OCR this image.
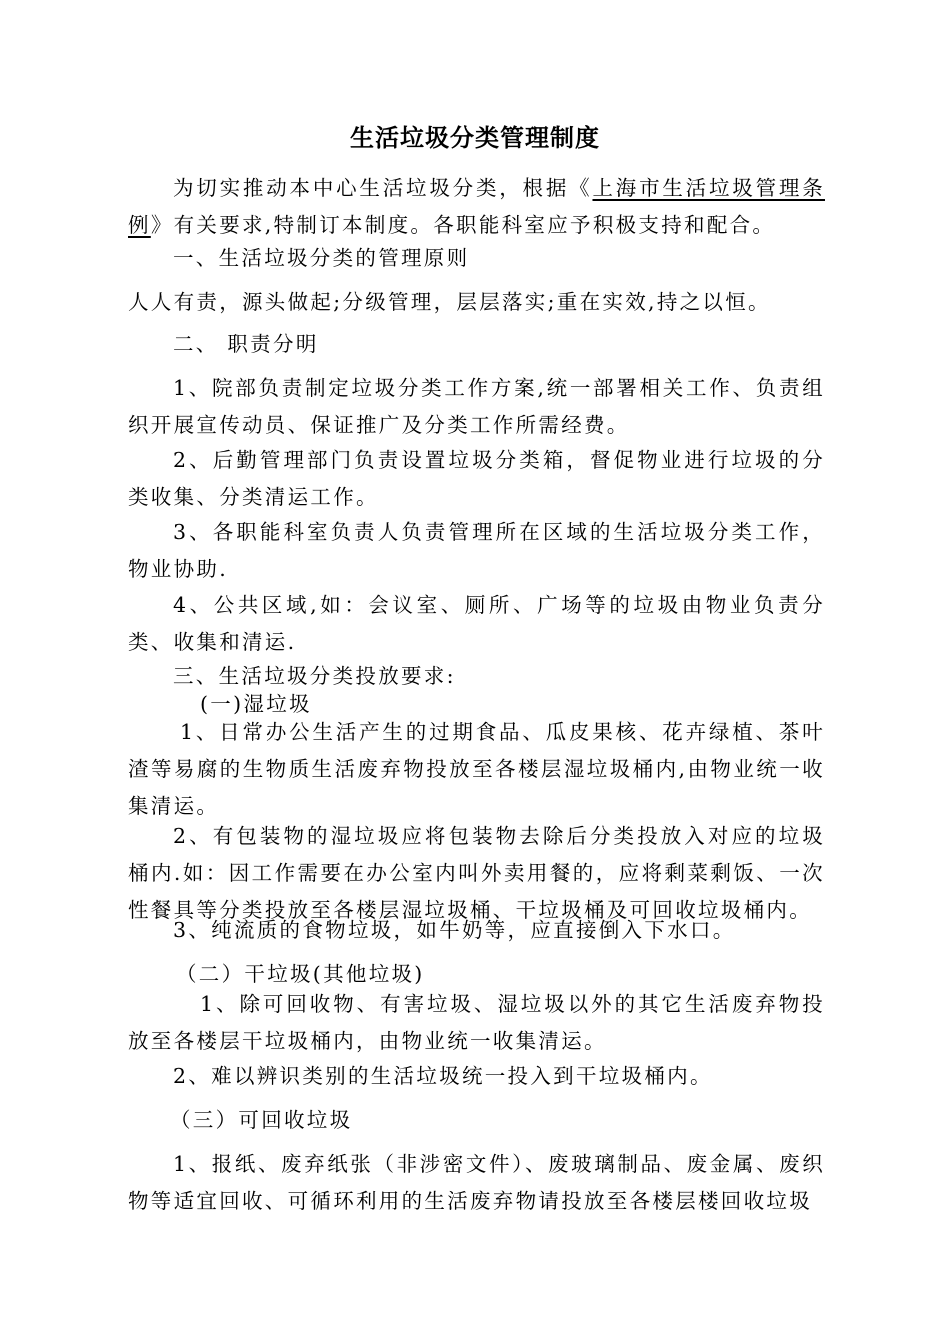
生活垃圾分类管理制度
为切实推动本中心生活垃圾分类，根据《上海市生活垃圾管理条例》有关要求,特制订本制度。各职能科室应予积极支持和配合。
一、生活垃圾分类的管理原则
人人有责，源头做起;分级管理，层层落实;重在实效,持之以恒。
二、 职责分明
1、院部负责制定垃圾分类工作方案,统一部署相关工作、负责组织开展宣传动员、保证推广及分类工作所需经费。
2、后勤管理部门负责设置垃圾分类箱，督促物业进行垃圾的分类收集、分类清运工作。
3、各职能科室负责人负责管理所在区域的生活垃圾分类工作，物业协助.
4、公共区域,如：会议室、厕所、广场等的垃圾由物业负责分类、收集和清运.
三、生活垃圾分类投放要求:
(一)湿垃圾
1、日常办公生活产生的过期食品、瓜皮果核、花卉绿植、茶叶渣等易腐的生物质生活废弃物投放至各楼层湿垃圾桶内,由物业统一收集清运。
2、有包装物的湿垃圾应将包装物去除后分类投放入对应的垃圾桶内.如：因工作需要在办公室内叫外卖用餐的，应将剩菜剩饭、一次性餐具等分类投放至各楼层湿垃圾桶、干垃圾桶及可回收垃圾桶内。
3、纯流质的食物垃圾，如牛奶等，应直接倒入下水口。
（二）干垃圾(其他垃圾)
1、除可回收物、有害垃圾、湿垃圾以外的其它生活废弃物投放至各楼层干垃圾桶内，由物业统一收集清运。
2、难以辨识类别的生活垃圾统一投入到干垃圾桶内。
（三）可回收垃圾
1、报纸、废弃纸张（非涉密文件）、废玻璃制品、废金属、废织物等适宜回收、可循环利用的生活废弃物请投放至各楼层楼回收垃圾
